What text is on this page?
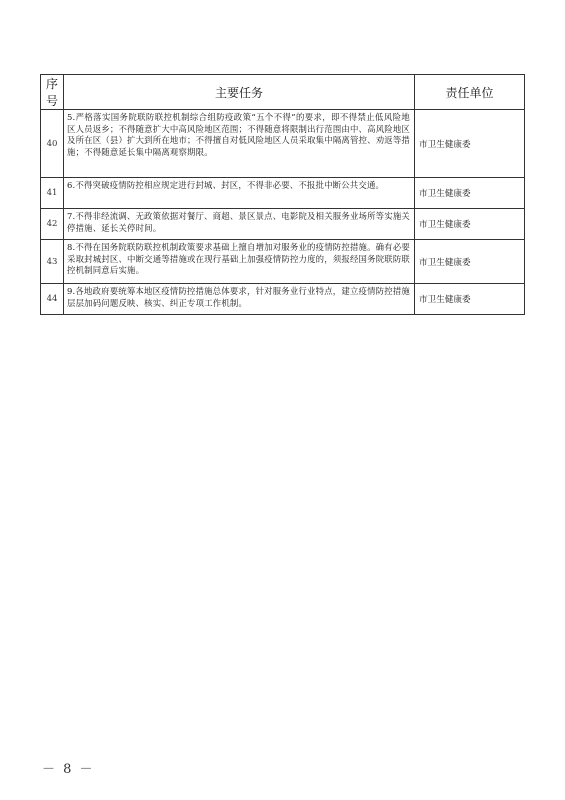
序号	主要任务	责任单位
40	5.严格落实国务院联防联控机制综合组防疫政策“五个不得”的要求，即不得禁止低风险地区人员返乡；不得随意扩大中高风险地区范围；不得随意将限制出行范围由中、高风险地区及所在区（县）扩大到所在地市；不得擅自对低风险地区人员采取集中隔离管控、劝返等措施；不得随意延长集中隔离观察期限。	市卫生健康委
41	6.不得突破疫情防控相应规定进行封城、封区，不得非必要、不报批中断公共交通。	市卫生健康委
42	7.不得非经流调、无政策依据对餐厅、商超、景区景点、电影院及相关服务业场所等实施关停措施、延长关停时间。	市卫生健康委
43	8.不得在国务院联防联控机制政策要求基础上擅自增加对服务业的疫情防控措施。确有必要采取封城封区、中断交通等措施或在现行基础上加强疫情防控力度的，须报经国务院联防联控机制同意后实施。	市卫生健康委
44	9.各地政府要统筹本地区疫情防控措施总体要求，针对服务业行业特点，建立疫情防控措施层层加码问题反映、核实、纠正专项工作机制。	市卫生健康委
－ 8 －
